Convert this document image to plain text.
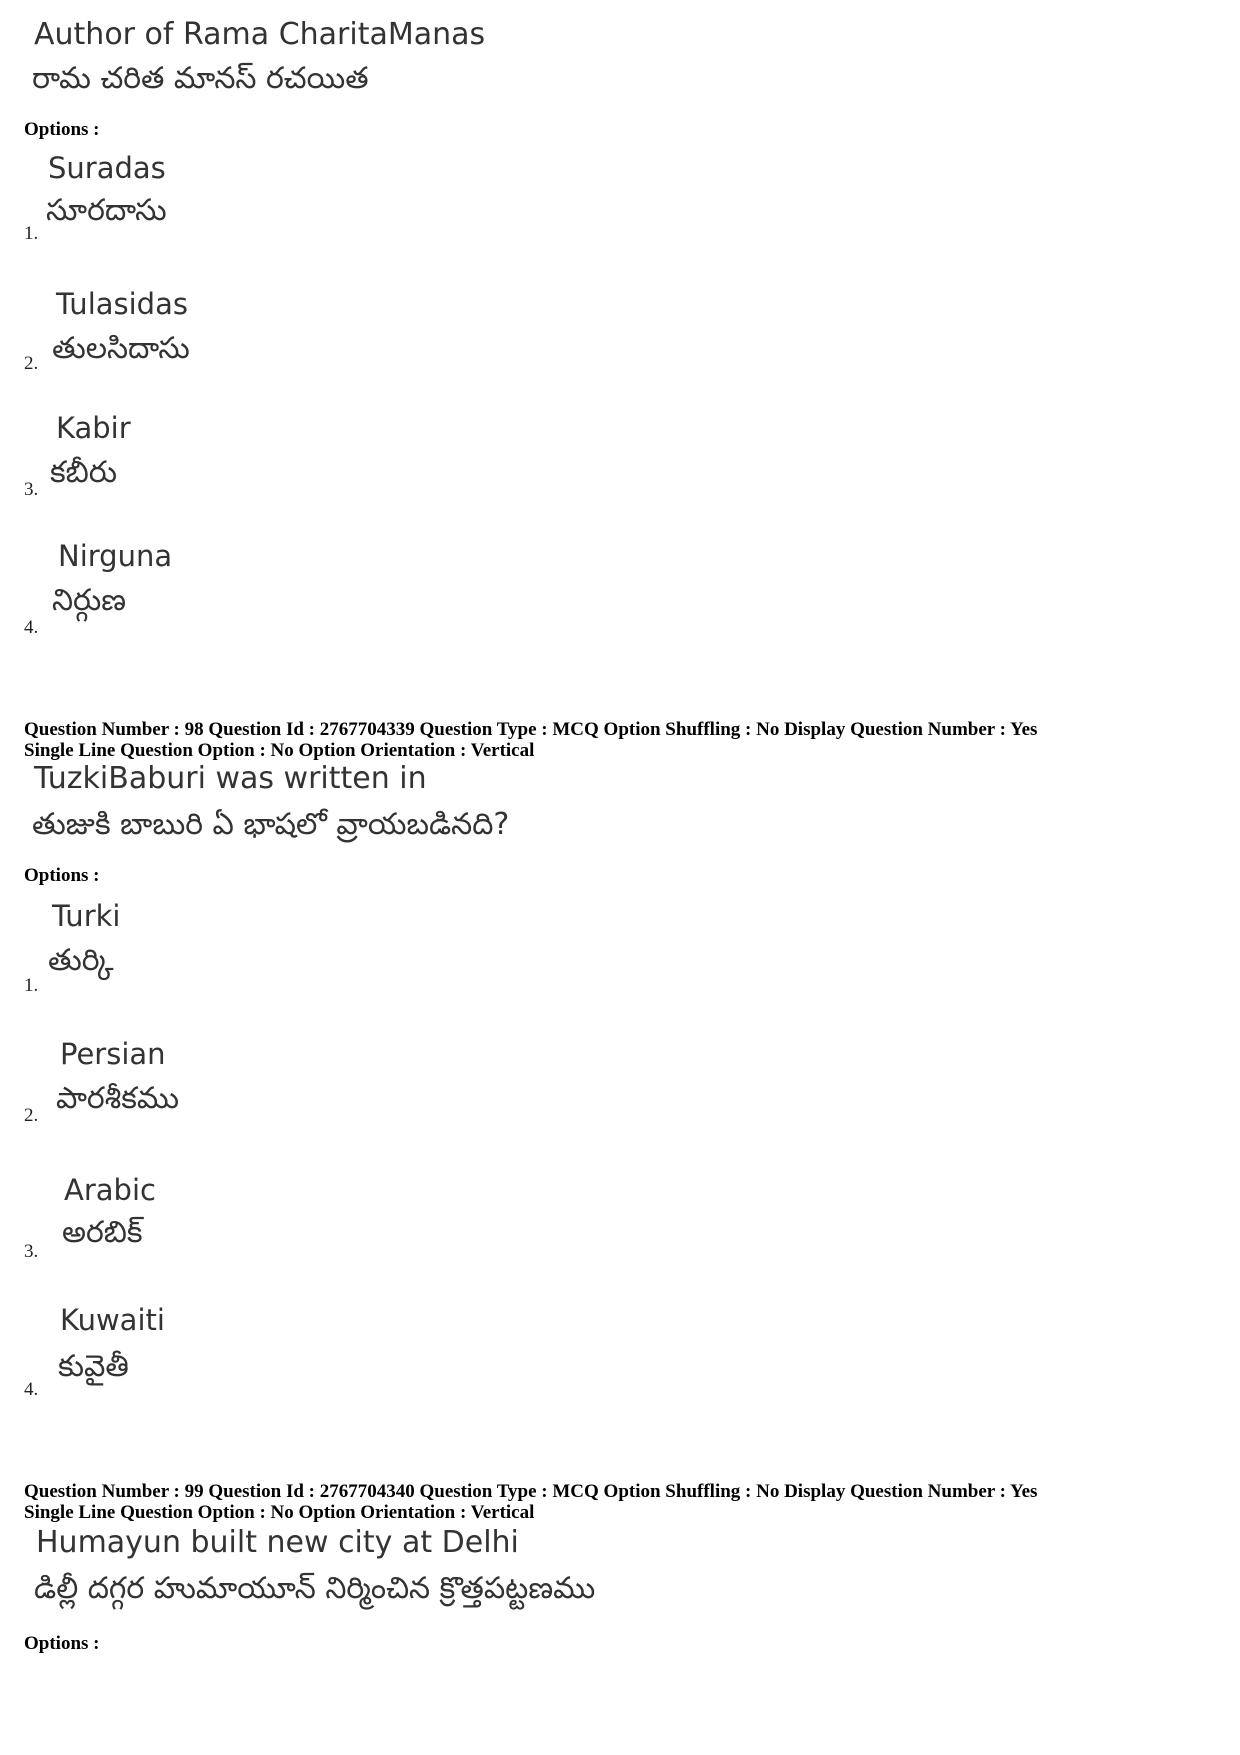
Author of Rama CharitaManas
రామ చరిత మానస్ రచయిత
Options :
Suradas
సూరదాసు
1.
Tulasidas
తులసిదాసు
2.
Kabir
కబీరు
3.
Nirguna
నిర్గుణ
4.
Question Number : 98 Question Id : 2767704339 Question Type : MCQ Option Shuffling : No Display Question Number : Yes
Single Line Question Option : No Option Orientation : Vertical
TuzkiBaburi was written in
తుజుకి బాబురి ఏ భాషలో వ్రాయబడినది?
Options :
Turki
తుర్కి
1.
Persian
పారశీకము
2.
Arabic
అరబిక్
3.
Kuwaiti
కువైతీ
4.
Question Number : 99 Question Id : 2767704340 Question Type : MCQ Option Shuffling : No Display Question Number : Yes
Single Line Question Option : No Option Orientation : Vertical
Humayun built new city at Delhi
డిల్లీ దగ్గర హుమాయూన్ నిర్మించిన క్రొత్తపట్టణము
Options :
